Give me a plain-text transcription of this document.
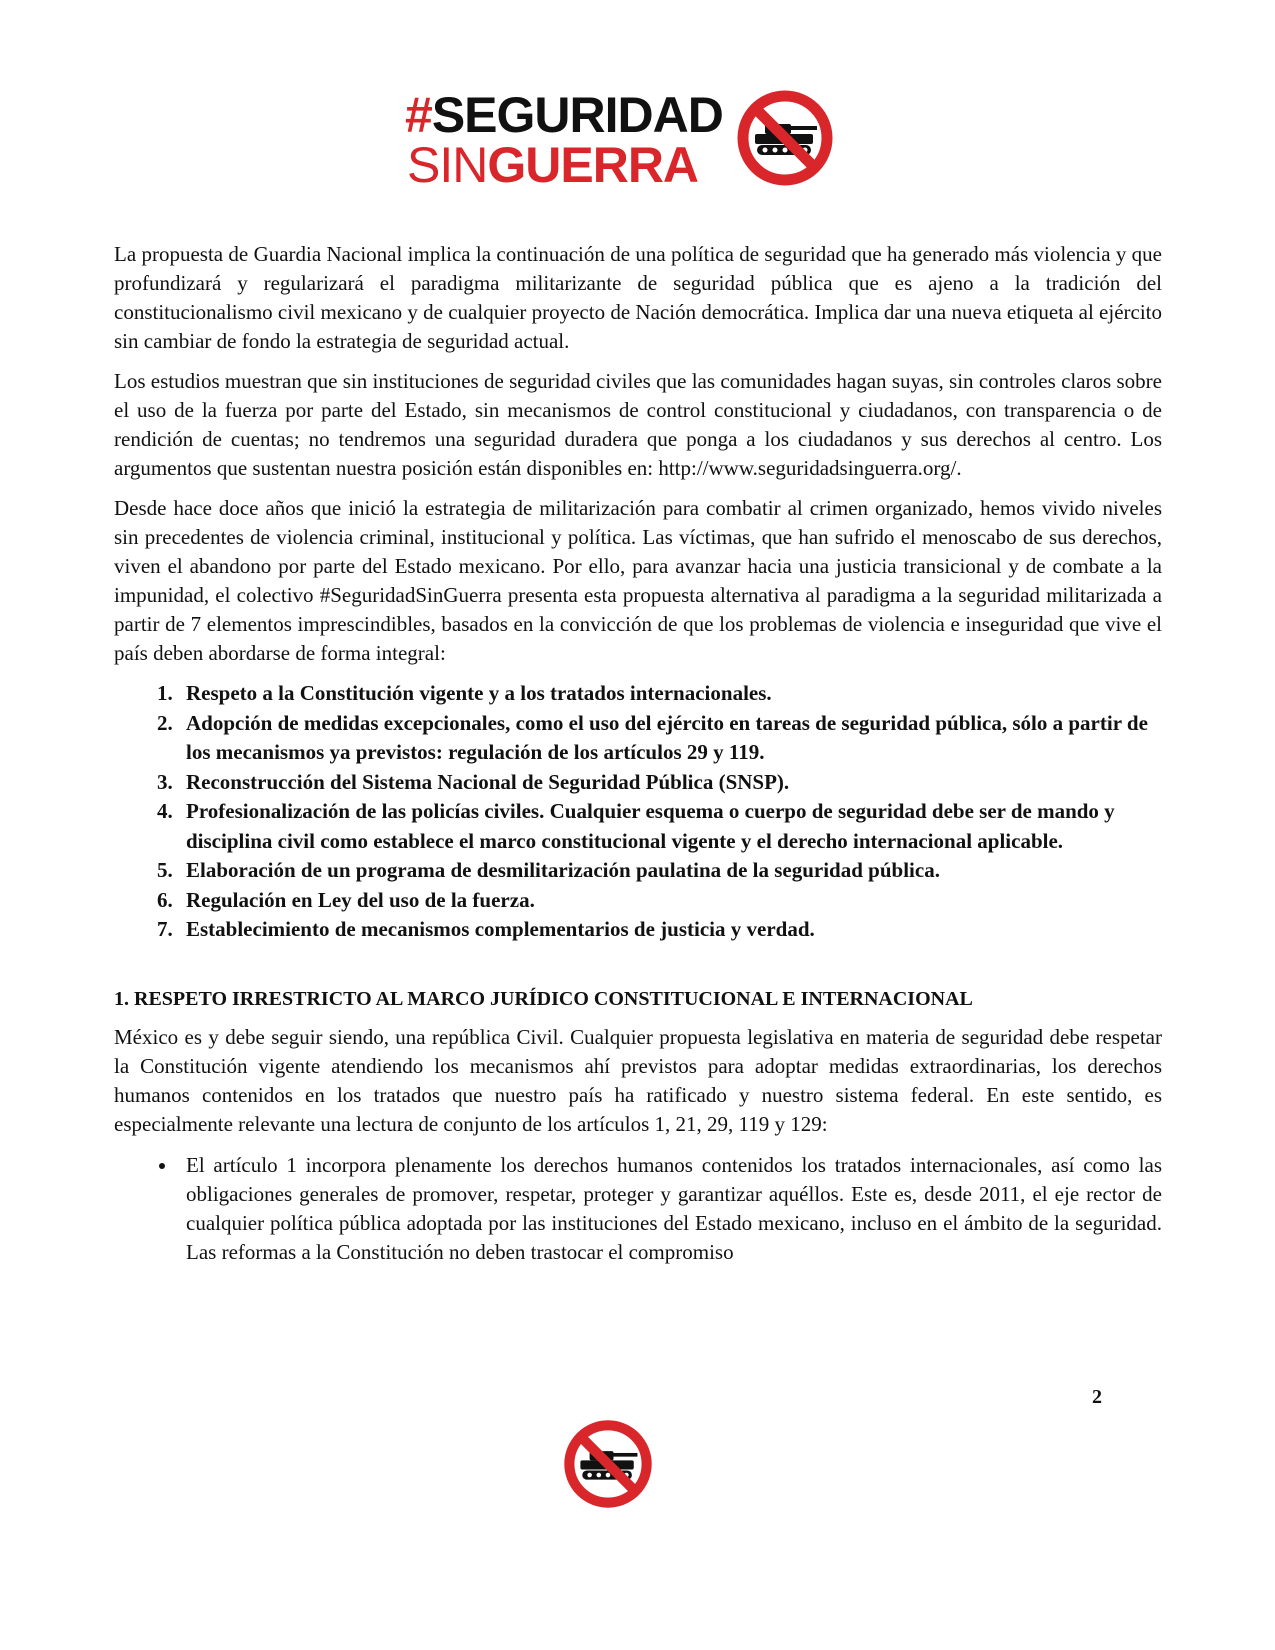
#SEGURIDAD
SINGUERRA

La propuesta de Guardia Nacional implica la continuación de una política de seguridad que ha generado más violencia y que profundizará y regularizará el paradigma militarizante de seguridad pública que es ajeno a la tradición del constitucionalismo civil mexicano y de cualquier proyecto de Nación democrática. Implica dar una nueva etiqueta al ejército sin cambiar de fondo la estrategia de seguridad actual.

Los estudios muestran que sin instituciones de seguridad civiles que las comunidades hagan suyas, sin controles claros sobre el uso de la fuerza por parte del Estado, sin mecanismos de control constitucional y ciudadanos, con transparencia o de rendición de cuentas; no tendremos una seguridad duradera que ponga a los ciudadanos y sus derechos al centro. Los argumentos que sustentan nuestra posición están disponibles en: http://www.seguridadsinguerra.org/.

Desde hace doce años que inició la estrategia de militarización para combatir al crimen organizado, hemos vivido niveles sin precedentes de violencia criminal, institucional y política. Las víctimas, que han sufrido el menoscabo de sus derechos, viven el abandono por parte del Estado mexicano. Por ello, para avanzar hacia una justicia transicional y de combate a la impunidad, el colectivo #SeguridadSinGuerra presenta esta propuesta alternativa al paradigma a la seguridad militarizada a partir de 7 elementos imprescindibles, basados en la convicción de que los problemas de violencia e inseguridad que vive el país deben abordarse de forma integral:

1. Respeto a la Constitución vigente y a los tratados internacionales.
2. Adopción de medidas excepcionales, como el uso del ejército en tareas de seguridad pública, sólo a partir de los mecanismos ya previstos: regulación de los artículos 29 y 119.
3. Reconstrucción del Sistema Nacional de Seguridad Pública (SNSP).
4. Profesionalización de las policías civiles. Cualquier esquema o cuerpo de seguridad debe ser de mando y disciplina civil como establece el marco constitucional vigente y el derecho internacional aplicable.
5. Elaboración de un programa de desmilitarización paulatina de la seguridad pública.
6. Regulación en Ley del uso de la fuerza.
7. Establecimiento de mecanismos complementarios de justicia y verdad.
1. RESPETO IRRESTRICTO AL MARCO JURÍDICO CONSTITUCIONAL E INTERNACIONAL

México es y debe seguir siendo, una república Civil. Cualquier propuesta legislativa en materia de seguridad debe respetar la Constitución vigente atendiendo los mecanismos ahí previstos para adoptar medidas extraordinarias, los derechos humanos contenidos en los tratados que nuestro país ha ratificado y nuestro sistema federal. En este sentido, es especialmente relevante una lectura de conjunto de los artículos 1, 21, 29, 119 y 129:

• El artículo 1 incorpora plenamente los derechos humanos contenidos los tratados internacionales, así como las obligaciones generales de promover, respetar, proteger y garantizar aquéllos. Este es, desde 2011, el eje rector de cualquier política pública adoptada por las instituciones del Estado mexicano, incluso en el ámbito de la seguridad. Las reformas a la Constitución no deben trastocar el compromiso
2
